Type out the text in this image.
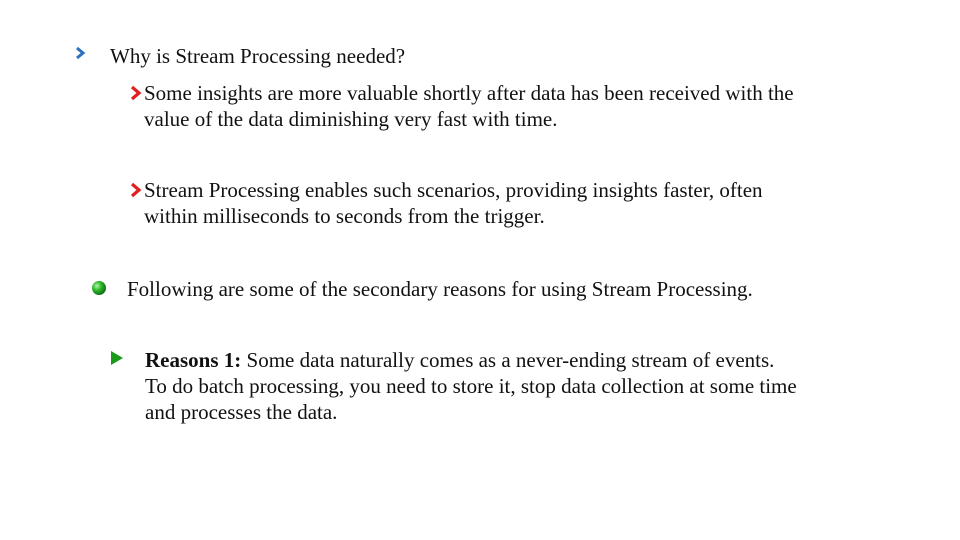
Why is Stream Processing needed?
Some insights are more valuable shortly after data has been received with the
value of the data diminishing very fast with time.
Stream Processing enables such scenarios, providing insights faster, often
within milliseconds to seconds from the trigger.
Following are some of the secondary reasons for using Stream Processing.
Reasons 1: Some data naturally comes as a never-ending stream of events.
To do batch processing, you need to store it, stop data collection at some time
and processes the data.
